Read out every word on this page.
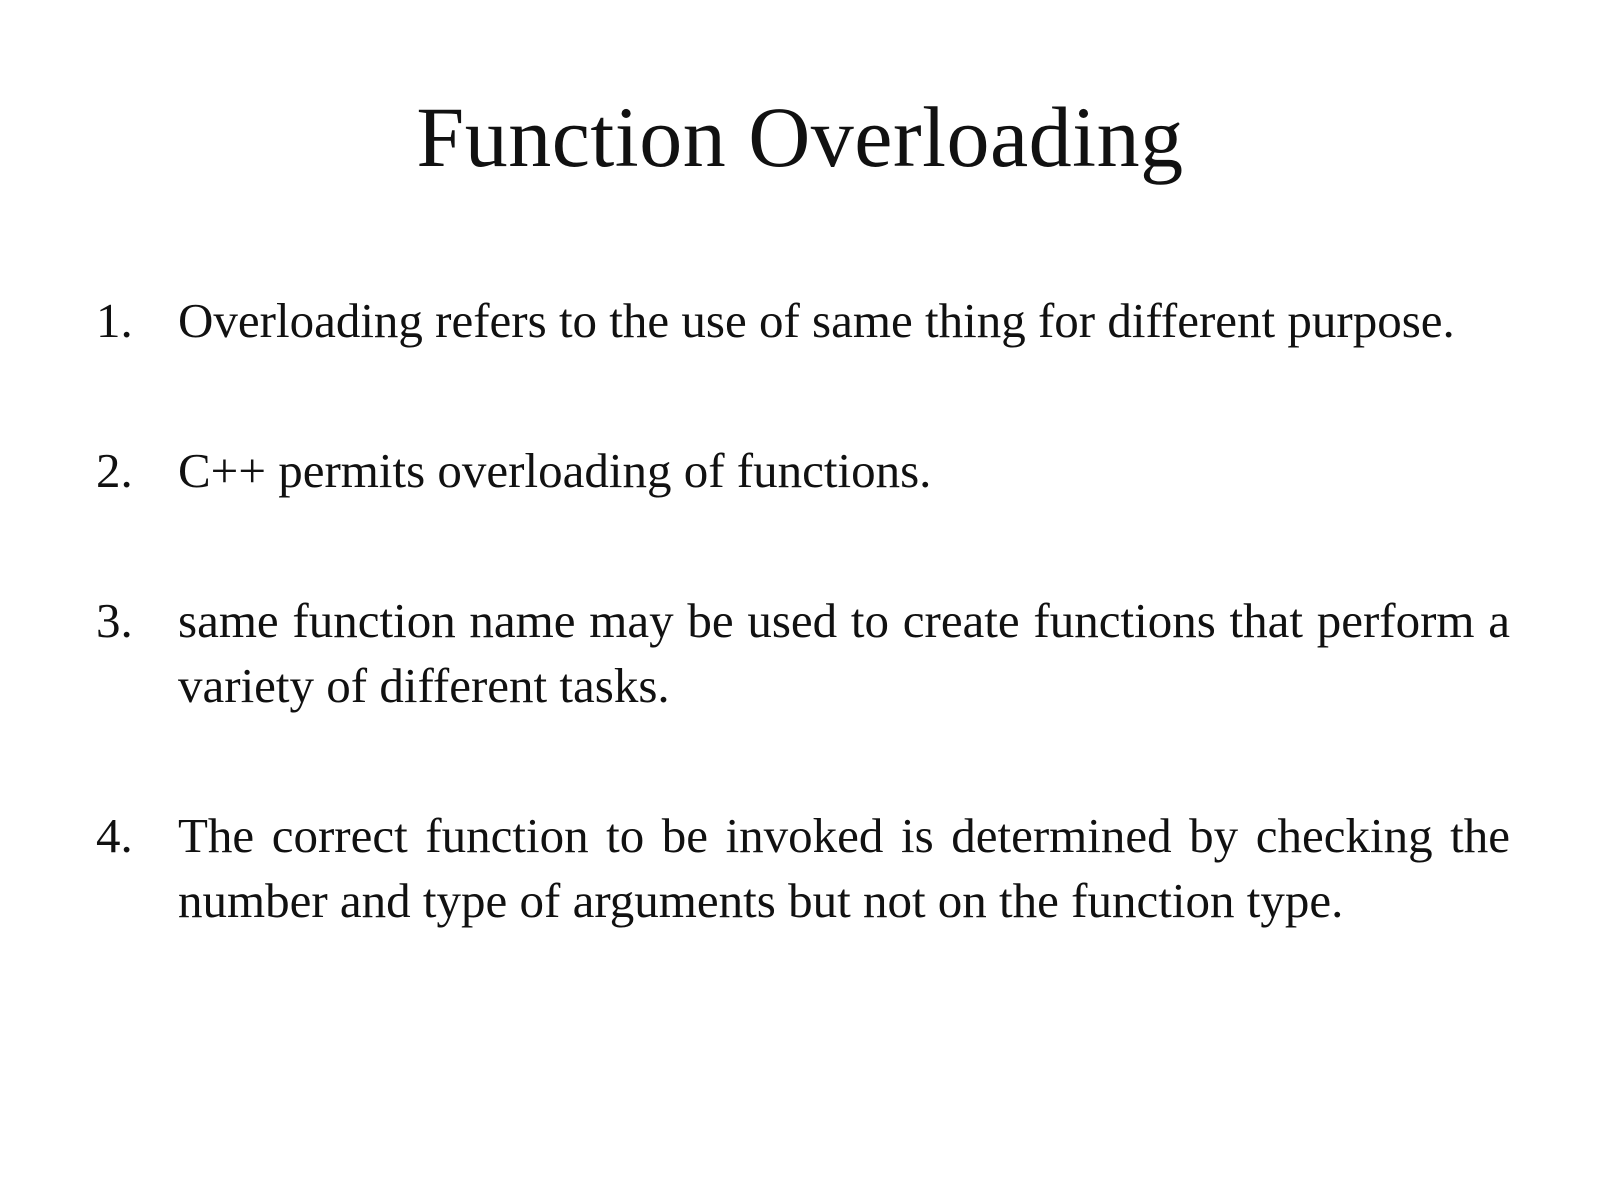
Function Overloading
1. Overloading refers to the use of same thing for different purpose.
2. C++ permits overloading of functions.
3. same function name may be used to create functions that perform a variety of different tasks.
4. The correct function to be invoked is determined by checking the number and type of arguments but not on the function type.
